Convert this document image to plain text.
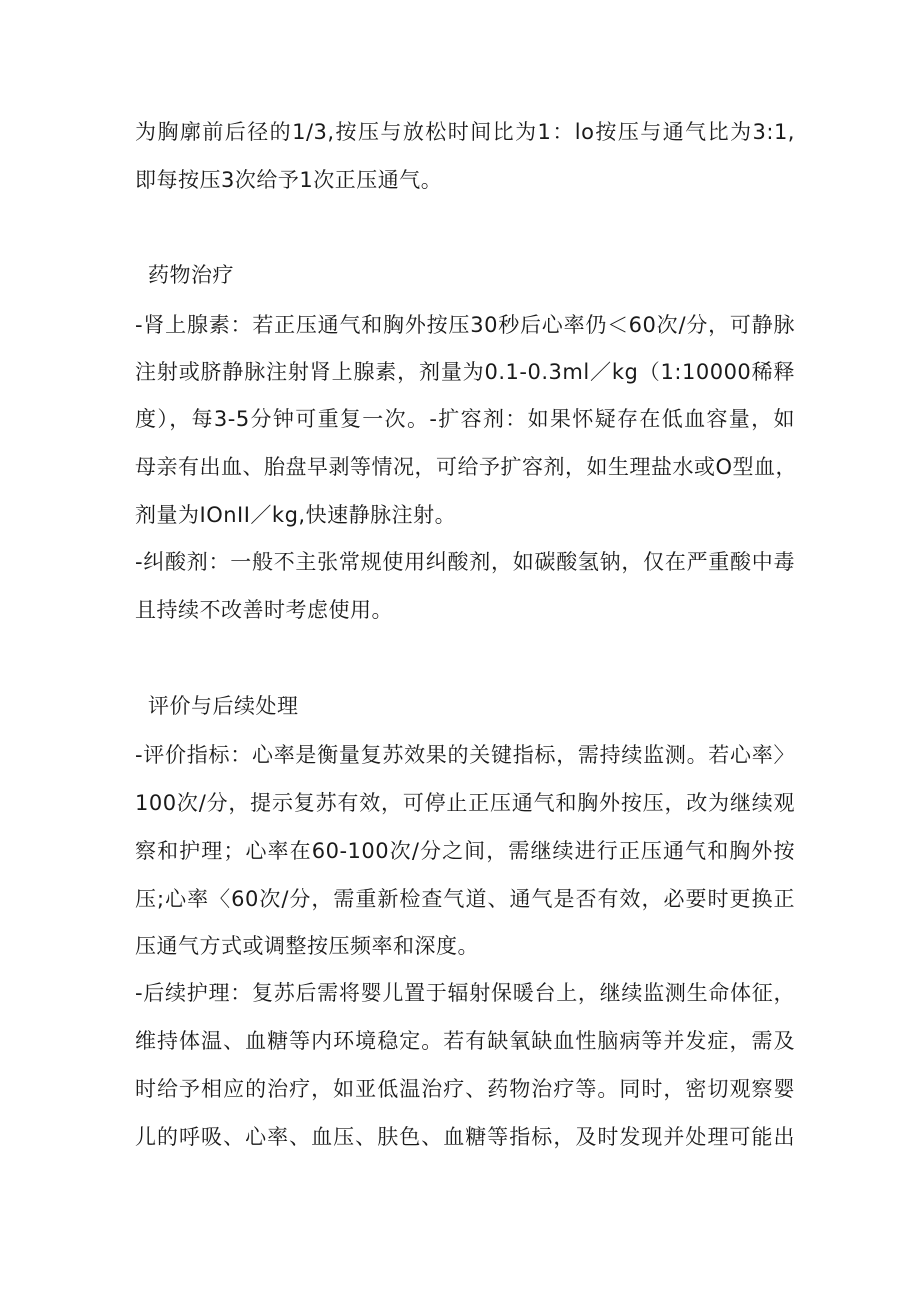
为胸廓前后径的1/3,按压与放松时间比为1：lo按压与通气比为3:1,
即每按压3次给予1次正压通气。
药物治疗
-肾上腺素：若正压通气和胸外按压30秒后心率仍＜60次/分，可静脉
注射或脐静脉注射肾上腺素，剂量为0.1-0.3ml／kg（1:10000稀释
度），每3-5分钟可重复一次。-扩容剂：如果怀疑存在低血容量，如
母亲有出血、胎盘早剥等情况，可给予扩容剂，如生理盐水或O型血，
剂量为IOnII／kg,快速静脉注射。
-纠酸剂：一般不主张常规使用纠酸剂，如碳酸氢钠，仅在严重酸中毒
且持续不改善时考虑使用。
评价与后续处理
-评价指标：心率是衡量复苏效果的关键指标，需持续监测。若心率〉
100次/分，提示复苏有效，可停止正压通气和胸外按压，改为继续观
察和护理；心率在60-100次/分之间，需继续进行正压通气和胸外按
压;心率〈60次/分，需重新检查气道、通气是否有效，必要时更换正
压通气方式或调整按压频率和深度。
-后续护理：复苏后需将婴儿置于辐射保暖台上，继续监测生命体征，
维持体温、血糖等内环境稳定。若有缺氧缺血性脑病等并发症，需及
时给予相应的治疗，如亚低温治疗、药物治疗等。同时，密切观察婴
儿的呼吸、心率、血压、肤色、血糖等指标，及时发现并处理可能出
